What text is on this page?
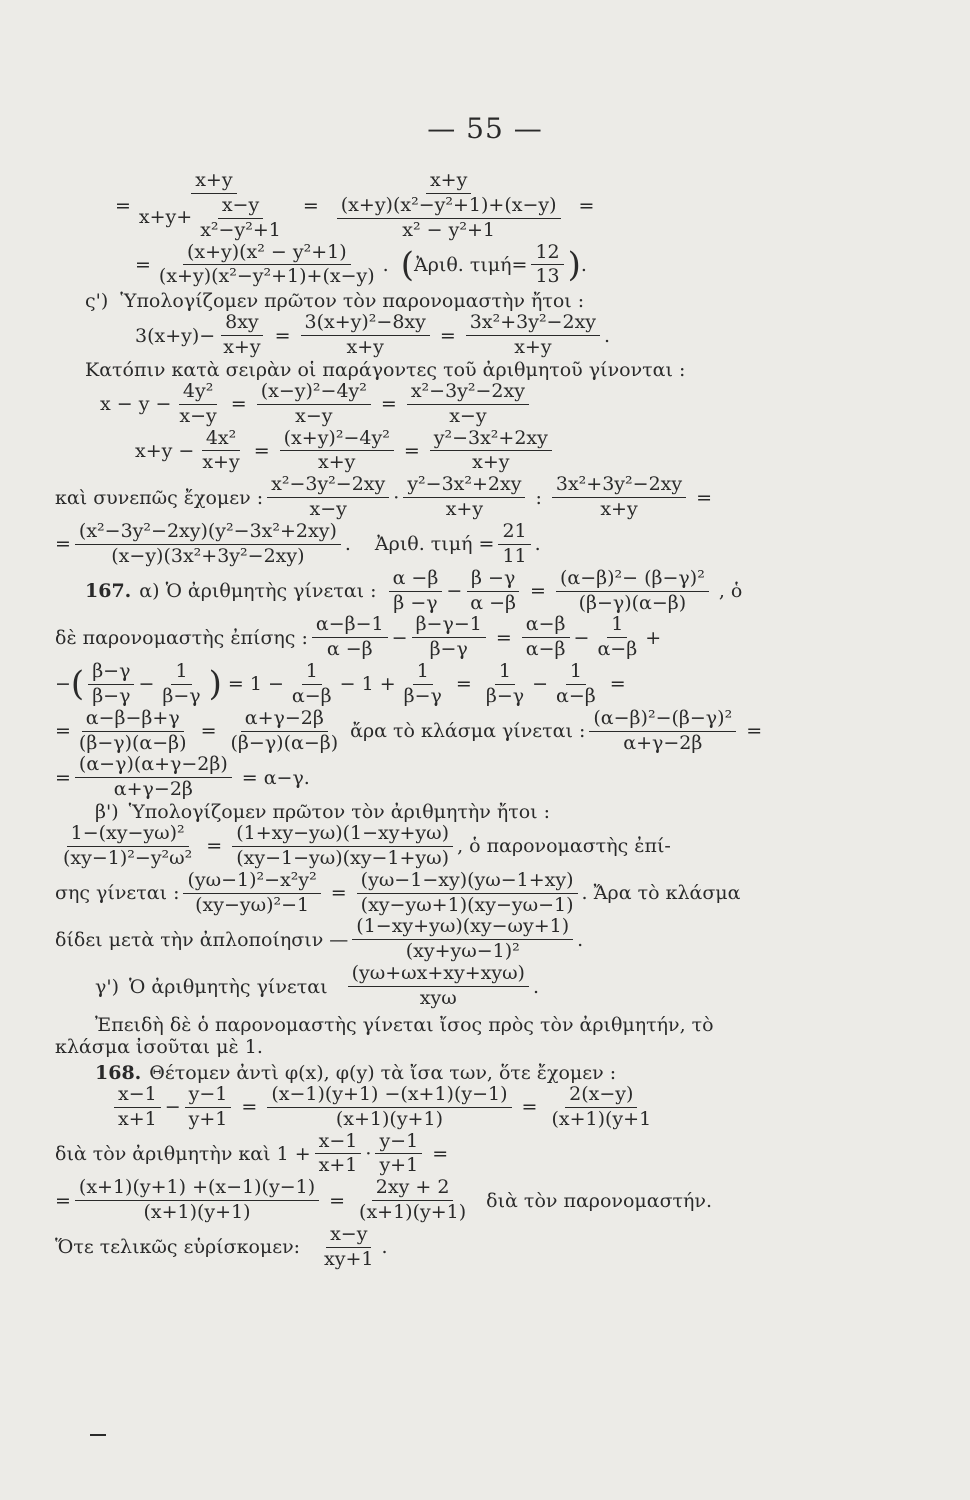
— 55 —
= $\frac{x+y}{x+y+ \frac{x-y}{\text{x²−y²+1}}} = \frac{x+y}{\frac{\text{(x+y)(x²−y²+1)+(x−y)}}{\text{x² − y²+1}}}$ =
= $\frac{\text{(x+y)(x² − y²+1)}}{\text{(x+y)(x²−y²+1)+(x−y)}}$ . ( Ἀριθ. $\tau\iota\mu ή= \frac{12}{13}$ ) .
ς') Ὑπολογίζομεν πρῶτον τὸν παρονομαστὴν ἤτοι :
$3(x+y)- \frac{8xy}{x+y} = \frac{\text{3(x+y)²−8xy}}{x+y} = \frac{\text{3x²+3y²−2xy}}{x+y}$ .
Κατόπιν κατὰ σειρὰν οἱ παράγοντες τοῦ ἀριθμητοῦ γίνονται :
$x - y - \frac{\text{4y²}}{x-y} = \frac{\text{(x−y)²−4y²}}{x-y} = \frac{\text{x²−3y²−2xy}}{x-y}$
$x+y - \frac{\text{4x²}}{x+y} = \frac{\text{(x+y)²−4y²}}{x+y} = \frac{\text{y²−3x²+2xy}}{x+y}$
καὶ συνεπῶς ἔχομεν : $\frac{\text{x²−3y²−2xy}}{x-y} \cdot \frac{\text{y²−3x²+2xy}}{x+y}$ : $\frac{\text{3x²+3y²−2xy}}{x+y}$ =
= $\frac{\text{(x²−3y²−2xy)(y²−3x²+2xy)}}{\text{(x−y)(3x²+3y²−2xy)}}$ . Ἀριθ. $\tau\iota\mu ή = \frac{21}{11}$ .
167. α) Ὁ ἀριθμητὴς γίνεται : $\frac{\alpha -\beta}{\beta -\gamma} - \frac{\beta -\gamma}{\alpha -\beta} = \frac{\text{(α−β)²− (β−γ)²}}{(\beta-\gamma)(\alpha-\beta)}$ , ὁ
δὲ παρονομαστὴς ἐπίσης : $\frac{\alpha-\beta-1}{\alpha -\beta} - \frac{\beta-\gamma-1}{\beta-\gamma} = \frac{\alpha-\beta}{\alpha-\beta} - \frac{1}{\alpha-\beta}$ +
− ( $\frac{\beta-\gamma}{\beta-\gamma} - \frac{1}{\beta-\gamma}$ ) = $1 - \frac{1}{\alpha-\beta} - 1 + \frac{1}{\beta-\gamma} = \frac{1}{\beta-\gamma} - \frac{1}{\alpha-\beta}$ =
= $\frac{\alpha-\beta-\beta+\gamma}{(\beta-\gamma)(\alpha-\beta)} = \frac{\alpha+\gamma-2\beta}{(\beta-\gamma)(\alpha-\beta)}$ ἄρα τὸ κλάσμα γίνεται : $\frac{\text{(α−β)²−(β−γ)²}}{\alpha+\gamma-2\beta}$ =
= $\frac{(\alpha-\gamma)(\alpha+\gamma-2\beta)}{\alpha+\gamma-2\beta} = \alpha-\gamma$.
β') Ὑπολογίζομεν πρῶτον τὸν ἀριθμητὴν ἤτοι :
$\frac{\text{1−(xy−yω)²}}{\text{(xy−1)²−y²ω²}} = \frac{(1+xy-y\omega)(1-xy+y\omega)}{(xy-1-y\omega)(xy-1+y\omega)}$ , ὁ παρονομαστὴς ἐπί-
σης γίνεται : $\frac{\text{(yω−1)²−x²y²}}{\text{(xy−yω)²−1}} = \frac{(y\omega-1-xy)(y\omega-1+xy)}{(xy-y\omega+1)(xy-y\omega-1)}$ . Ἄρα τὸ κλάσμα
δίδει μετὰ τὴν ἀπλοποίησιν — $\frac{(1-xy+y\omega)(xy-\omega y+1)}{\text{(xy+yω−1)²}}$ .
γ') Ὁ ἀριθμητὴς γίνεται $\frac{\text{(yω+ωx+xy+xyω)}}{\text{xyω}}$ .
Ἐπειδὴ δὲ ὁ παρονομαστὴς γίνεται ἴσος πρὸς τὸν ἀριθμητήν, τὸ
κλάσμα ἰσοῦται μὲ 1.
168. Θέτομεν ἀντὶ φ(x), φ(y) τὰ ἴσα των, ὅτε ἔχομεν :
$\frac{x-1}{x+1} - \frac{y-1}{y+1} = \frac{(x-1)(y+1) -(x+1)(y-1)}{(x+1)(y+1)} = \frac{2(x-y)}{(x+1)(y+1}$
διὰ τὸν ἀριθμητὴν καὶ $1 + \frac{x-1}{x+1} \cdot \frac{y-1}{y+1}$ =
= $\frac{(x+1)(y+1) +(x-1)(y-1)}{(x+1)(y+1)} = \frac{2xy + 2}{(x+1)(y+1)}$ διὰ τὸν παρονομαστήν.
Ὅτε τελικῶς εὑρίσκομεν: $\frac{x-y}{xy+1}$ .
